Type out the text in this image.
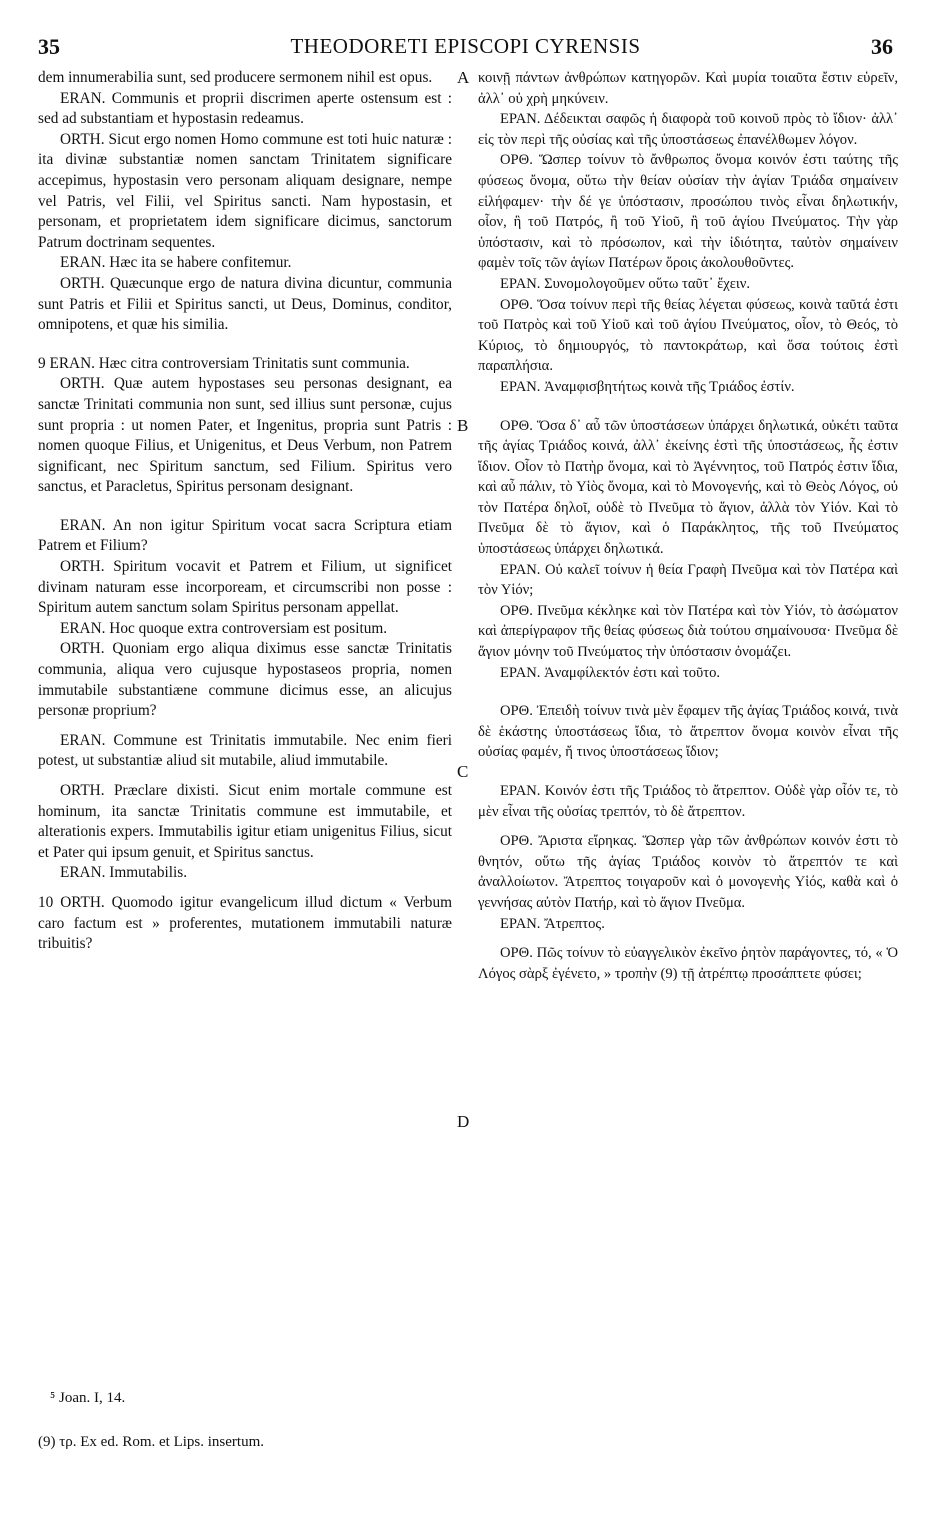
35	THEODORETI EPISCOPI CYRENSIS	36
A
B
C
D

dem innumerabilia sunt, sed producere sermonem nihil est opus.

ERAN. Communis et proprii discrimen aperte ostensum est : sed ad substantiam et hypostasin redeamus.

ORTH. Sicut ergo nomen Homo commune est toti huic naturæ : ita divinæ substantiæ nomen sanctam Trinitatem significare accepimus, hypostasin vero personam aliquam designare, nempe vel Patris, vel Filii, vel Spiritus sancti. Nam hypostasin, et personam, et proprietatem idem significare dicimus, sanctorum Patrum doctrinam sequentes.

ERAN. Hæc ita se habere confitemur.

ORTH. Quæcunque ergo de natura divina dicuntur, communia sunt Patris et Filii et Spiritus sancti, ut Deus, Dominus, conditor, omnipotens, et quæ his similia.

9 ERAN. Hæc citra controversiam Trinitatis sunt communia.

ORTH. Quæ autem hypostases seu personas designant, ea sanctæ Trinitati communia non sunt, sed illius sunt personæ, cujus sunt propria : ut nomen Pater, et Ingenitus, propria sunt Patris : nomen quoque Filius, et Unigenitus, et Deus Verbum, non Patrem significant, nec Spiritum sanctum, sed Filium. Spiritus vero sanctus, et Paracletus, Spiritus personam designant.

ERAN. An non igitur Spiritum vocat sacra Scriptura etiam Patrem et Filium?

ORTH. Spiritum vocavit et Patrem et Filium, ut significet divinam naturam esse incorpoream, et circumscribi non posse : Spiritum autem sanctum solam Spiritus personam appellat.

ERAN. Hoc quoque extra controversiam est positum.

ORTH. Quoniam ergo aliqua diximus esse sanctæ Trinitatis communia, aliqua vero cujusque hypostaseos propria, nomen immutabile substantiæne commune dicimus esse, an alicujus personæ proprium?

ERAN. Commune est Trinitatis immutabile. Nec enim fieri potest, ut substantiæ aliud sit mutabile, aliud immutabile.

ORTH. Præclare dixisti. Sicut enim mortale commune est hominum, ita sanctæ Trinitatis commune est immutabile, et alterationis expers. Immutabilis igitur etiam unigenitus Filius, sicut et Pater qui ipsum genuit, et Spiritus sanctus.

ERAN. Immutabilis.

10 ORTH. Quomodo igitur evangelicum illud dictum « Verbum caro factum est » proferentes, mutationem immutabili naturæ tribuitis?

κοινῇ πάντων ἀνθρώπων κατηγορῶν. Καὶ μυρία τοιαῦτα ἔστιν εὑρεῖν, ἀλλ᾽ οὐ χρὴ μηκύνειν.

ΕΡΑΝ. Δέδεικται σαφῶς ἡ διαφορὰ τοῦ κοινοῦ πρὸς τὸ ἴδιον· ἀλλ᾽ εἰς τὸν περὶ τῆς οὐσίας καὶ τῆς ὑποστάσεως ἐπανέλθωμεν λόγον.

ΟΡΘ. Ὥσπερ τοίνυν τὸ ἄνθρωπος ὄνομα κοινόν ἐστι ταύτης τῆς φύσεως ὄνομα, οὕτω τὴν θείαν οὐσίαν τὴν ἁγίαν Τριάδα σημαίνειν εἰλήφαμεν· τὴν δέ γε ὑπόστασιν, προσώπου τινὸς εἶναι δηλωτικήν, οἷον, ἢ τοῦ Πατρός, ἢ τοῦ Υἱοῦ, ἢ τοῦ ἁγίου Πνεύματος. Τὴν γὰρ ὑπόστασιν, καὶ τὸ πρόσωπον, καὶ τὴν ἰδιότητα, ταὐτὸν σημαίνειν φαμὲν τοῖς τῶν ἁγίων Πατέρων ὅροις ἀκολουθοῦντες.

ΕΡΑΝ. Συνομολογοῦμεν οὕτω ταῦτ᾽ ἔχειν.

ΟΡΘ. Ὅσα τοίνυν περὶ τῆς θείας λέγεται φύσεως, κοινὰ ταῦτά ἐστι τοῦ Πατρὸς καὶ τοῦ Υἱοῦ καὶ τοῦ ἁγίου Πνεύματος, οἷον, τὸ Θεός, τὸ Κύριος, τὸ δημιουργός, τὸ παντοκράτωρ, καὶ ὅσα τούτοις ἐστὶ παραπλήσια.

ΕΡΑΝ. Ἀναμφισβητήτως κοινὰ τῆς Τριάδος ἐστίν.

ΟΡΘ. Ὅσα δ᾽ αὖ τῶν ὑποστάσεων ὑπάρχει δηλωτικά, οὐκέτι ταῦτα τῆς ἁγίας Τριάδος κοινά, ἀλλ᾽ ἐκείνης ἐστὶ τῆς ὑποστάσεως, ἧς ἐστιν ἴδιον. Οἷον τὸ Πατὴρ ὄνομα, καὶ τὸ Ἀγέννητος, τοῦ Πατρός ἐστιν ἴδια, καὶ αὖ πάλιν, τὸ Υἱὸς ὄνομα, καὶ τὸ Μονογενής, καὶ τὸ Θεὸς Λόγος, οὐ τὸν Πατέρα δηλοῖ, οὐδὲ τὸ Πνεῦμα τὸ ἅγιον, ἀλλὰ τὸν Υἱόν. Καὶ τὸ Πνεῦμα δὲ τὸ ἅγιον, καὶ ὁ Παράκλητος, τῆς τοῦ Πνεύματος ὑποστάσεως ὑπάρχει δηλωτικά.

ΕΡΑΝ. Οὐ καλεῖ τοίνυν ἡ θεία Γραφὴ Πνεῦμα καὶ τὸν Πατέρα καὶ τὸν Υἱόν;

ΟΡΘ. Πνεῦμα κέκληκε καὶ τὸν Πατέρα καὶ τὸν Υἱόν, τὸ ἀσώματον καὶ ἀπερίγραφον τῆς θείας φύσεως διὰ τούτου σημαίνουσα· Πνεῦμα δὲ ἅγιον μόνην τοῦ Πνεύματος τὴν ὑπόστασιν ὀνομάζει.

ΕΡΑΝ. Ἀναμφίλεκτόν ἐστι καὶ τοῦτο.

ΟΡΘ. Ἐπειδὴ τοίνυν τινὰ μὲν ἔφαμεν τῆς ἁγίας Τριάδος κοινά, τινὰ δὲ ἑκάστης ὑποστάσεως ἴδια, τὸ ἄτρεπτον ὄνομα κοινὸν εἶναι τῆς οὐσίας φαμέν, ἤ τινος ὑποστάσεως ἴδιον;

ΕΡΑΝ. Κοινόν ἐστι τῆς Τριάδος τὸ ἄτρεπτον. Οὐδὲ γὰρ οἷόν τε, τὸ μὲν εἶναι τῆς οὐσίας τρεπτόν, τὸ δὲ ἄτρεπτον.

ΟΡΘ. Ἄριστα εἴρηκας. Ὥσπερ γὰρ τῶν ἀνθρώπων κοινόν ἐστι τὸ θνητόν, οὕτω τῆς ἁγίας Τριάδος κοινὸν τὸ ἄτρεπτόν τε καὶ ἀναλλοίωτον. Ἄτρεπτος τοιγαροῦν καὶ ὁ μονογενὴς Υἱός, καθὰ καὶ ὁ γεννήσας αὐτὸν Πατήρ, καὶ τὸ ἅγιον Πνεῦμα.

ΕΡΑΝ. Ἄτρεπτος.

ΟΡΘ. Πῶς τοίνυν τὸ εὐαγγελικὸν ἐκεῖνο ῥητὸν παράγοντες, τό, « Ὁ Λόγος σὰρξ ἐγένετο, » τροπὴν (9) τῇ ἀτρέπτῳ προσάπτετε φύσει;

⁵ Joan. I, 14.
(9) τρ. Ex ed. Rom. et Lips. insertum.
